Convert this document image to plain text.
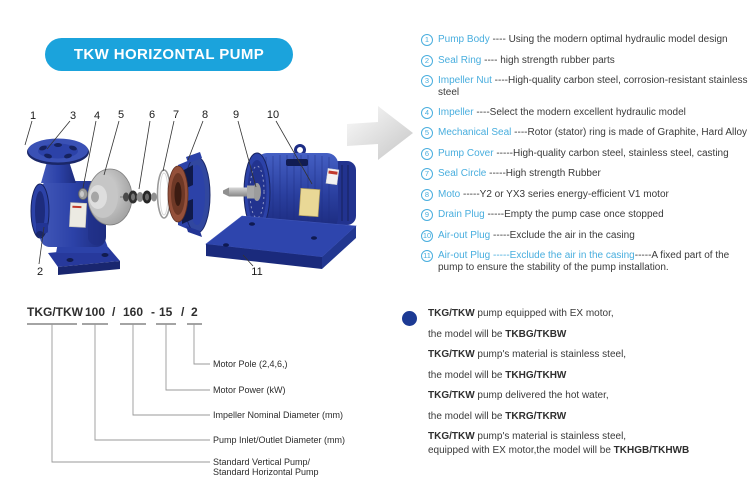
TKW HORIZONTAL PUMP
1	3 4 5 6 7 8 9	10
2	11
1 Pump Body ---- Using the modern optimal hydraulic model design
2 Seal Ring ---- high strength rubber parts
3 Impeller Nut ----High-quality carbon steel, corrosion-resistant stainless steel
4 Impeller ----Select the modern excellent hydraulic model
5 Mechanical Seal ----Rotor (stator) ring is made of Graphite, Hard Alloy
6 Pump Cover -----High-quality carbon steel, stainless steel, casting
7 Seal Circle -----High strength Rubber
8 Moto -----Y2 or YX3 series energy-efficient V1 motor
9 Drain Plug -----Empty the pump case once stopped
10 Air-out Plug -----Exclude the air in the casing
11 Air-out Plug -----Exclude the air in the casing-----A fixed part of the pump to ensure the stability of the pump installation.
TKG/TKW 100 / 160 - 15 / 2
Motor Pole (2,4,6,)
Motor Power (kW)
Impeller Nominal Diameter (mm)
Pump Inlet/Outlet Diameter (mm)
Standard Vertical Pump/
Standard Horizontal Pump
TKG/TKW pump equipped with EX motor,
the model will be TKBG/TKBW
TKG/TKW pump's material is stainless steel,
the model will be TKHG/TKHW
TKG/TKW pump delivered the hot water,
the model will be TKRG/TKRW
TKG/TKW pump's material is stainless steel,
equipped with EX motor,the model will be TKHGB/TKHWB
